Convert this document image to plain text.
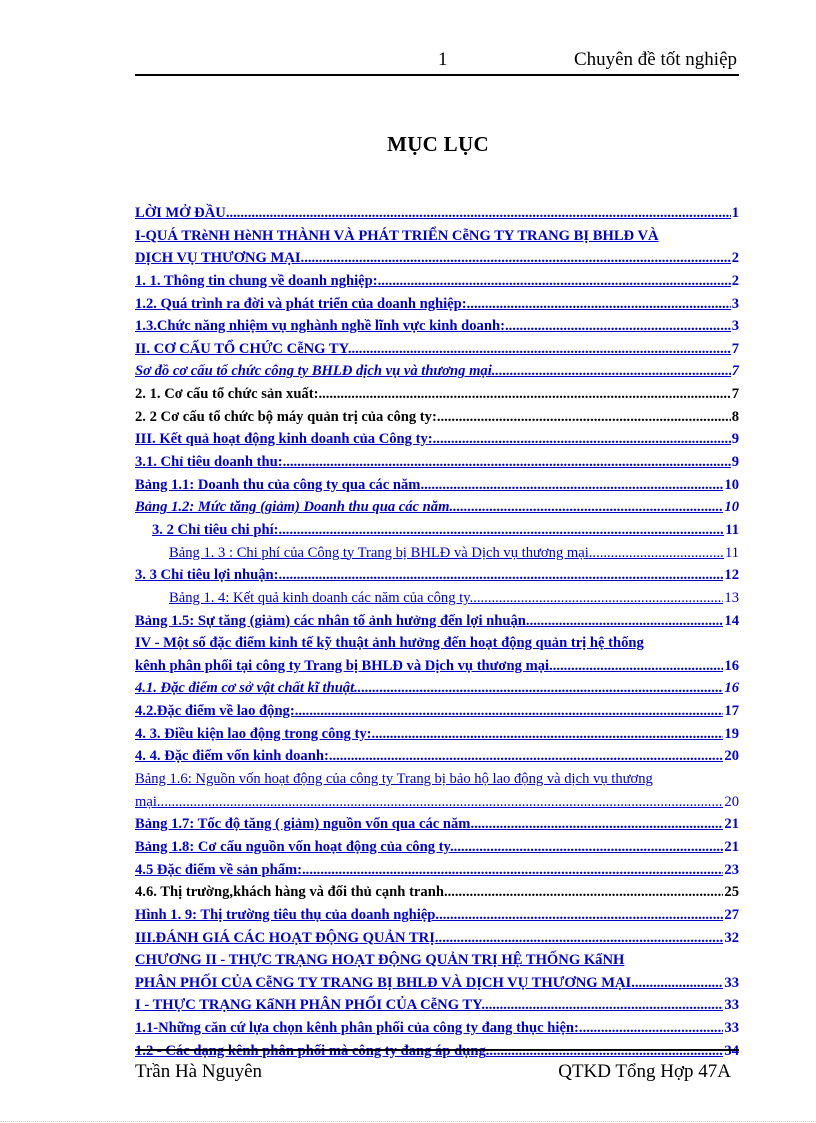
1	Chuyên đề tốt nghiệp
MỤC LỤC
LỜI MỞ ĐẦU .....	1
I-QUÁ TRèNH HèNH THÀNH VÀ PHÁT TRIỂN CễNG TY TRANG BỊ BHLĐ VÀ
DỊCH VỤ THƯƠNG MẠI .....	2
1. 1. Thông tin chung về doanh nghiệp: .....	2
1.2. Quá trình ra đời và phát triển của doanh nghiệp: .....	3
1.3.Chức năng nhiệm vụ nghành nghề lĩnh vực kinh doanh: .....	3
II. CƠ CẤU TỔ CHỨC CễNG TY .....	7
Sơ đồ cơ cấu tổ chức công ty BHLĐ dịch vụ và thương mại .....	7
2. 1. Cơ cấu tổ chức sản xuất: .....	7
2. 2 Cơ cấu tổ chức bộ máy quản trị của công ty: .....	8
III. Kết quả hoạt động kinh doanh của Công ty: .....	9
3.1. Chỉ tiêu doanh thu: .....	9
Bảng 1.1: Doanh thu của công ty qua các năm .....	10
Bảng 1.2: Mức tăng (giảm) Doanh thu qua các năm .....	10
3. 2 Chỉ tiêu chi phí: .....	11
Bảng 1. 3 : Chi phí của Công ty Trang bị BHLĐ và Dịch vụ thương mại .....	11
3. 3 Chỉ tiêu lợi nhuận: .....	12
Bảng 1. 4: Kết quả kinh doanh các năm của công ty .....	13
Bảng 1.5: Sự tăng (giảm) các nhân tố ảnh hưởng đến lợi nhuận .....	14
IV - Một số đặc điểm kinh tế kỹ thuật ảnh hưởng đến hoạt động quản trị hệ thống
kênh phân phối tại công ty Trang bị BHLĐ và Dịch vụ thương mại. .....	16
4.1. Đặc điểm cơ sở vật chất kĩ thuật .....	16
4.2.Đặc điểm về lao động: .....	17
4. 3. Điều kiện lao động trong công ty: .....	19
4. 4. Đặc điểm vốn kinh doanh: .....	20
Bảng 1.6: Nguồn vốn hoạt động của công ty Trang bị bảo hộ lao động và dịch vụ thương
mại .....	20
Bảng 1.7: Tốc độ tăng ( giảm) nguồn vốn qua các năm .....	21
Bảng 1.8: Cơ cấu nguồn vốn hoạt động của công ty .....	21
4.5 Đặc điểm về sản phẩm: .....	23
4.6. Thị trường,khách hàng và đối thủ cạnh tranh .....	25
Hình 1. 9: Thị trường tiêu thụ của doanh nghiệp .....	27
III.ĐÁNH GIÁ CÁC HOẠT ĐỘNG QUẢN TRỊ .....	32
CHƯƠNG II - THỰC TRẠNG HOẠT ĐỘNG QUẢN TRỊ HỆ THỐNG KấNH
PHÂN PHỐI CỦA CễNG TY TRANG BỊ BHLĐ VÀ DỊCH VỤ THƯƠNG MẠI .....	33
I - THỰC TRẠNG KấNH PHÂN PHỐI CỦA CễNG TY .....	33
1.1-Những căn cứ lựa chọn kênh phân phối của công ty đang thục hiện: .....	33
1.2 - Các dạng kênh phân phối mà công ty đang áp dụng .....	34
Trần Hà Nguyên	QTKD Tổng Hợp 47A
